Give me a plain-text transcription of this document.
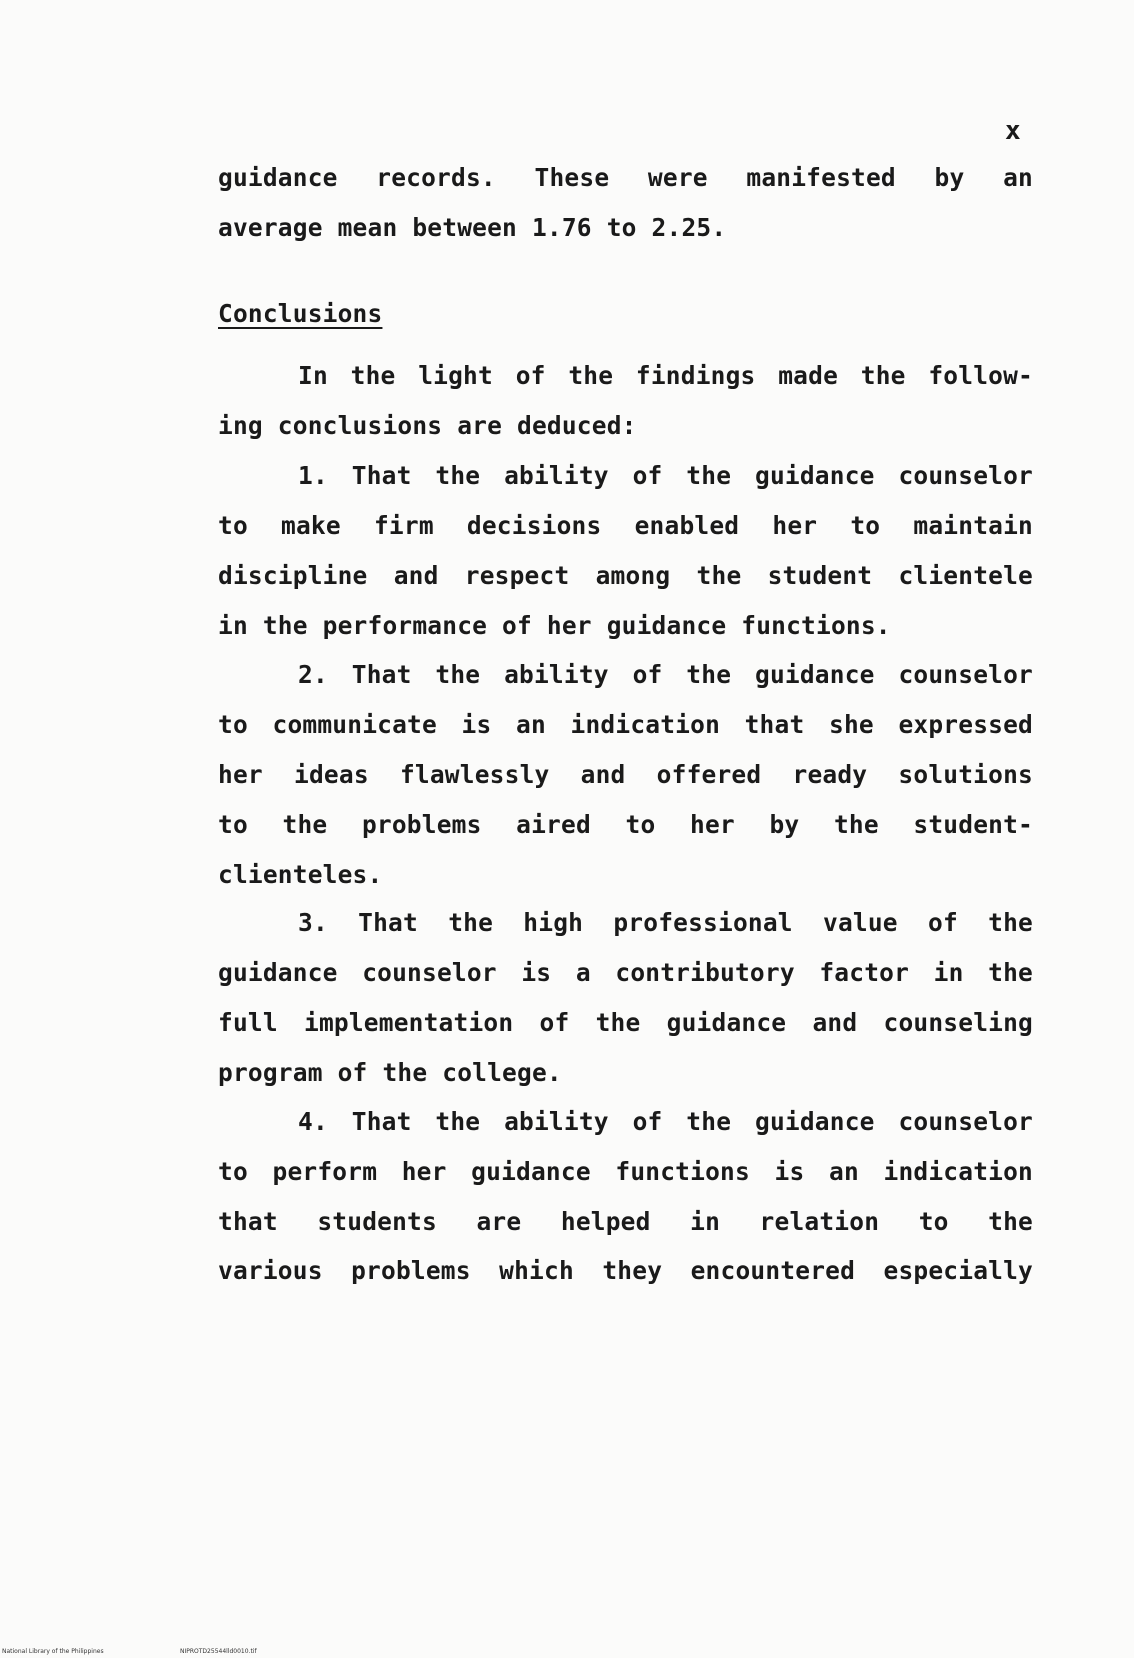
x
guidance records. These were manifested by an
average mean between 1.76 to 2.25.
Conclusions
In the light of the findings made the follow-
ing conclusions are deduced:
1. That the ability of the guidance counselor
to make firm decisions enabled her to maintain
discipline and respect among the student clientele
in the performance of her guidance functions.
2. That the ability of the guidance counselor
to communicate is an indication that she expressed
her ideas flawlessly and offered ready solutions
to the problems aired to her by the student-
clienteles.
3. That the high professional value of the
guidance counselor is a contributory factor in the
full implementation of the guidance and counseling
program of the college.
4. That the ability of the guidance counselor
to perform her guidance functions is an indication
that students are helped in relation to the
various problems which they encountered especially
National Library of the Philippines	NIPROTD25544lld0010.tif
